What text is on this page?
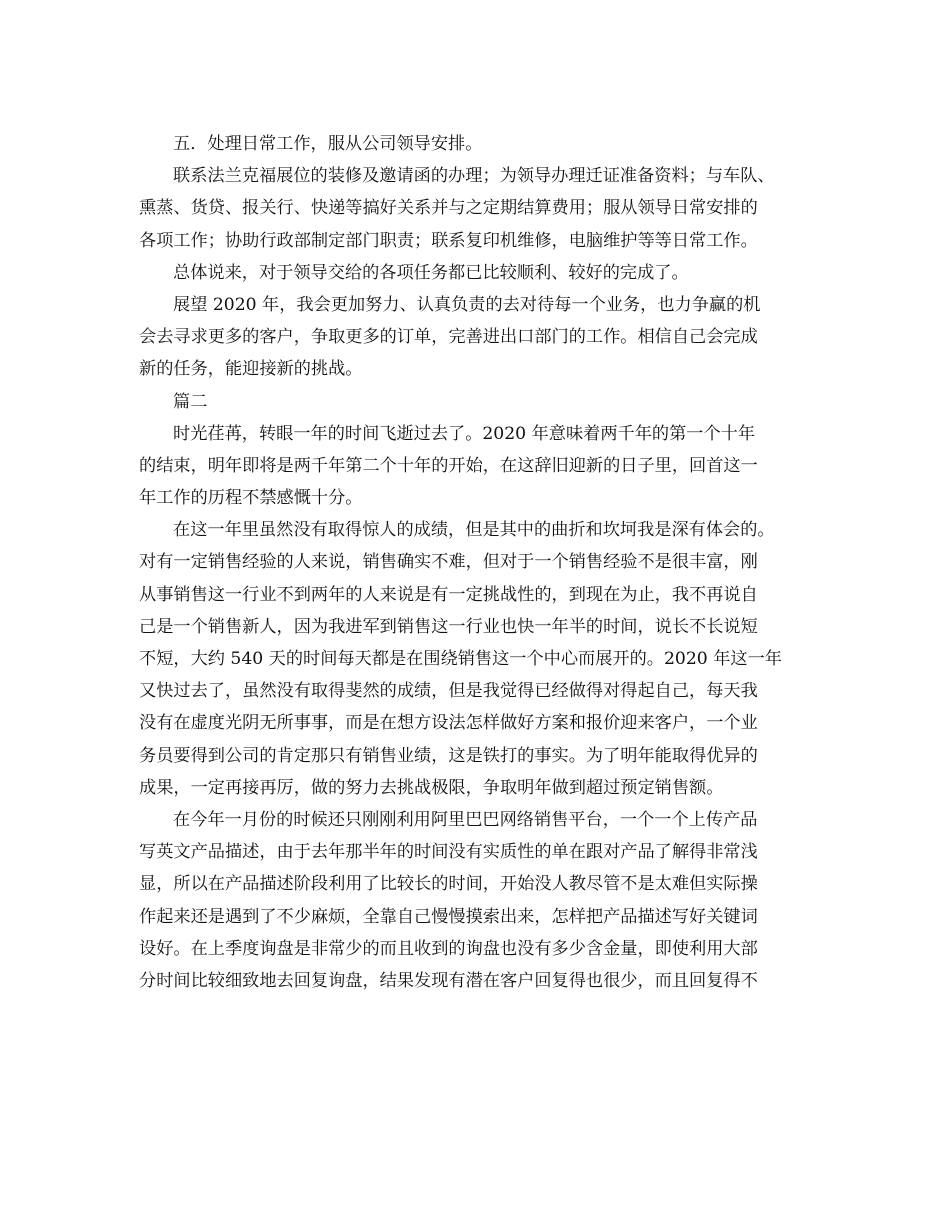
五．处理日常工作，服从公司领导安排。
联系法兰克福展位的装修及邀请函的办理；为领导办理迁证准备资料；与车队、
熏蒸、货贷、报关行、快递等搞好关系并与之定期结算费用；服从领导日常安排的
各项工作；协助行政部制定部门职责；联系复印机维修，电脑维护等等日常工作。
总体说来，对于领导交给的各项任务都已比较顺利、较好的完成了。
展望 2020 年，我会更加努力、认真负责的去对待每一个业务，也力争赢的机
会去寻求更多的客户，争取更多的订单，完善进出口部门的工作。相信自己会完成
新的任务，能迎接新的挑战。
篇二
时光荏苒，转眼一年的时间飞逝过去了。2020 年意味着两千年的第一个十年
的结束，明年即将是两千年第二个十年的开始，在这辞旧迎新的日子里，回首这一
年工作的历程不禁感慨十分。
在这一年里虽然没有取得惊人的成绩，但是其中的曲折和坎坷我是深有体会的。
对有一定销售经验的人来说，销售确实不难，但对于一个销售经验不是很丰富，刚
从事销售这一行业不到两年的人来说是有一定挑战性的，到现在为止，我不再说自
己是一个销售新人，因为我进军到销售这一行业也快一年半的时间，说长不长说短
不短，大约 540 天的时间每天都是在围绕销售这一个中心而展开的。2020 年这一年
又快过去了，虽然没有取得斐然的成绩，但是我觉得已经做得对得起自己，每天我
没有在虚度光阴无所事事，而是在想方设法怎样做好方案和报价迎来客户，一个业
务员要得到公司的肯定那只有销售业绩，这是铁打的事实。为了明年能取得优异的
成果，一定再接再厉，做的努力去挑战极限，争取明年做到超过预定销售额。
在今年一月份的时候还只刚刚利用阿里巴巴网络销售平台，一个一个上传产品
写英文产品描述，由于去年那半年的时间没有实质性的单在跟对产品了解得非常浅
显，所以在产品描述阶段利用了比较长的时间，开始没人教尽管不是太难但实际操
作起来还是遇到了不少麻烦，全靠自己慢慢摸索出来，怎样把产品描述写好关键词
设好。在上季度询盘是非常少的而且收到的询盘也没有多少含金量，即使利用大部
分时间比较细致地去回复询盘，结果发现有潜在客户回复得也很少，而且回复得不
